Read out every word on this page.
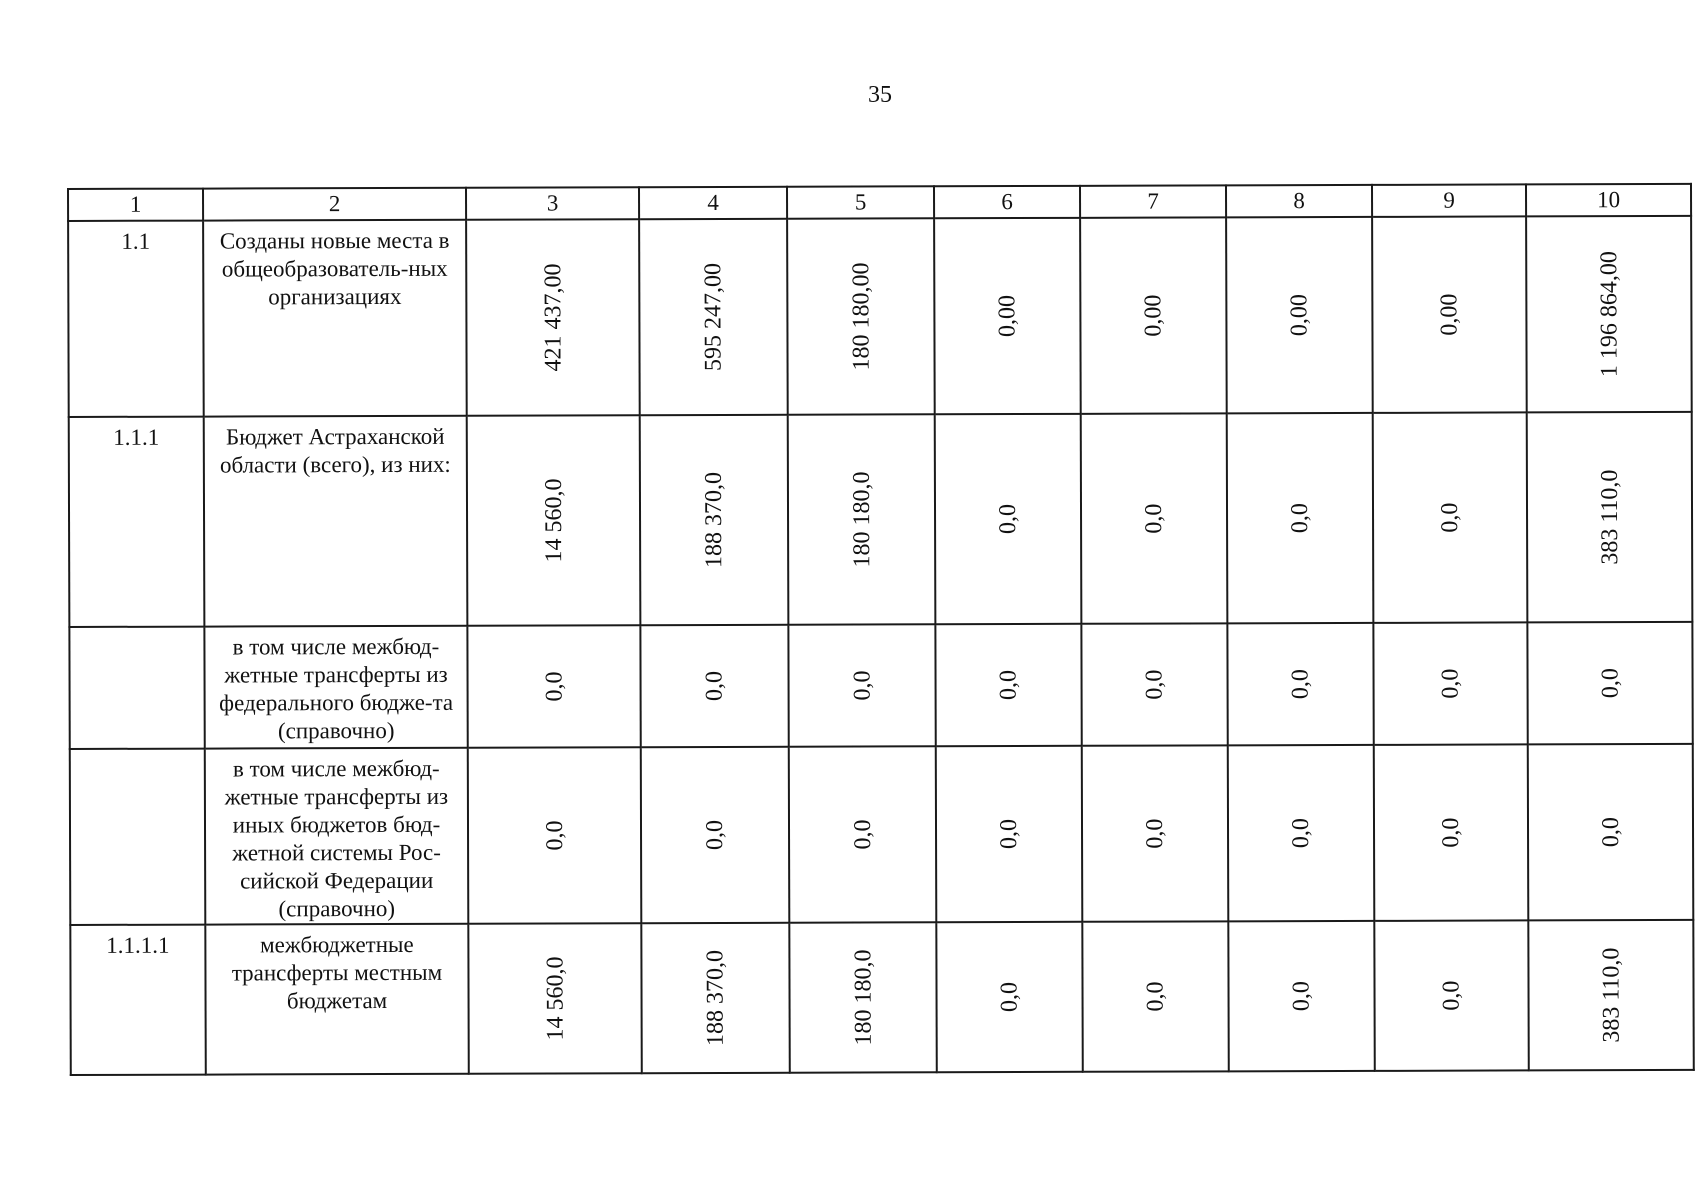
35
1	2	3	4	5	6	7	8	9	10
1.1	Созданы новые места в общеобразователь-ных организациях	421 437,00	595 247,00	180 180,00	0,00	0,00	0,00	0,00	1 196 864,00

1.1.1	Бюджет Астраханской области (всего), из них:	14 560,0	188 370,0	180 180,0	0,0	0,0	0,0	0,0	383 110,0

	в том числе межбюд-жетные трансферты из федерального бюдже-та (справочно)	0,0	0,0	0,0	0,0	0,0	0,0	0,0	0,0

	в том числе межбюд-жетные трансферты из иных бюджетов бюд-жетной системы Рос-сийской Федерации (справочно)	0,0	0,0	0,0	0,0	0,0	0,0	0,0	0,0

1.1.1.1	межбюджетные трансферты местным бюджетам	14 560,0	188 370,0	180 180,0	0,0	0,0	0,0	0,0	383 110,0
